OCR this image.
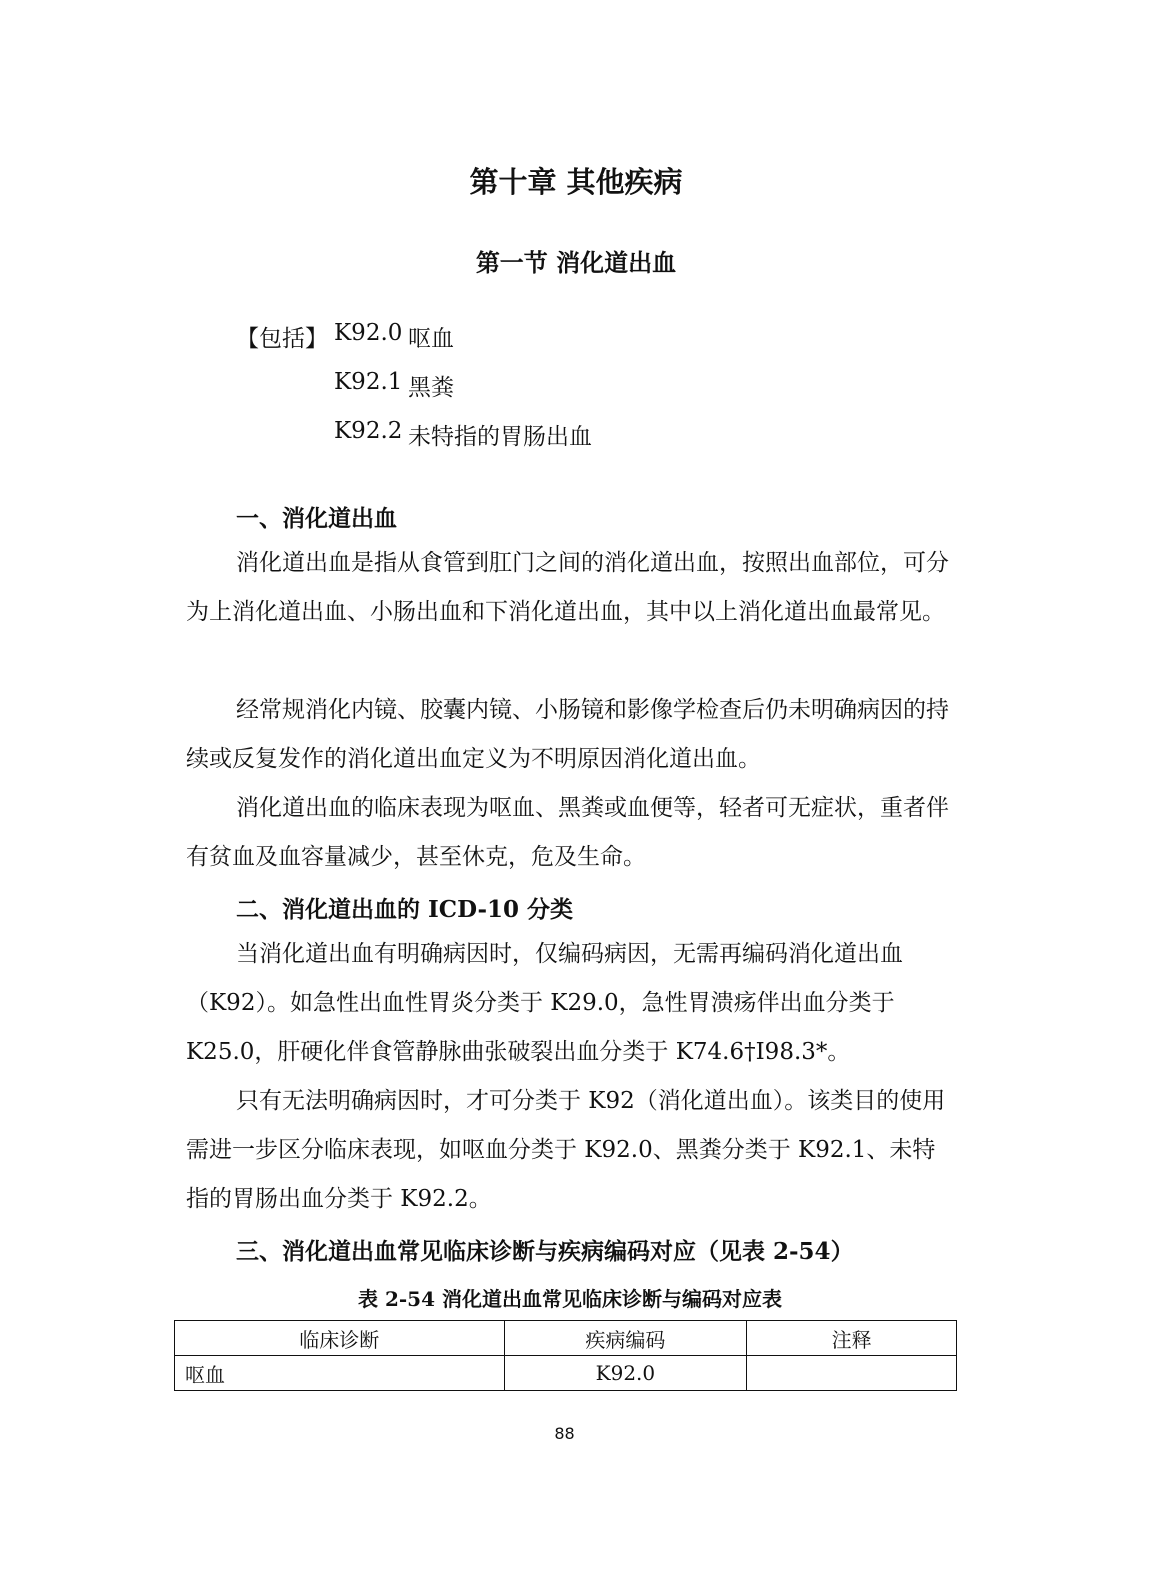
第十章 其他疾病
第一节 消化道出血
【包括】 K92.0 呕血
K92.1 黑粪
K92.2 未特指的胃肠出血
一、消化道出血
消化道出血是指从食管到肛门之间的消化道出血，按照出血部位，可分为上消化道出血、小肠出血和下消化道出血，其中以上消化道出血最常见。
经常规消化内镜、胶囊内镜、小肠镜和影像学检查后仍未明确病因的持续或反复发作的消化道出血定义为不明原因消化道出血。
消化道出血的临床表现为呕血、黑粪或血便等，轻者可无症状，重者伴有贫血及血容量减少，甚至休克，危及生命。
二、消化道出血的 ICD-10 分类
当消化道出血有明确病因时，仅编码病因，无需再编码消化道出血（K92）。如急性出血性胃炎分类于 K29.0，急性胃溃疡伴出血分类于 K25.0，肝硬化伴食管静脉曲张破裂出血分类于 K74.6†I98.3*。
只有无法明确病因时，才可分类于 K92（消化道出血）。该类目的使用需进一步区分临床表现，如呕血分类于 K92.0、黑粪分类于 K92.1、未特指的胃肠出血分类于 K92.2。
三、消化道出血常见临床诊断与疾病编码对应（见表 2-54）
表 2-54 消化道出血常见临床诊断与编码对应表
临床诊断	疾病编码	注释
呕血	K92.0	
88
